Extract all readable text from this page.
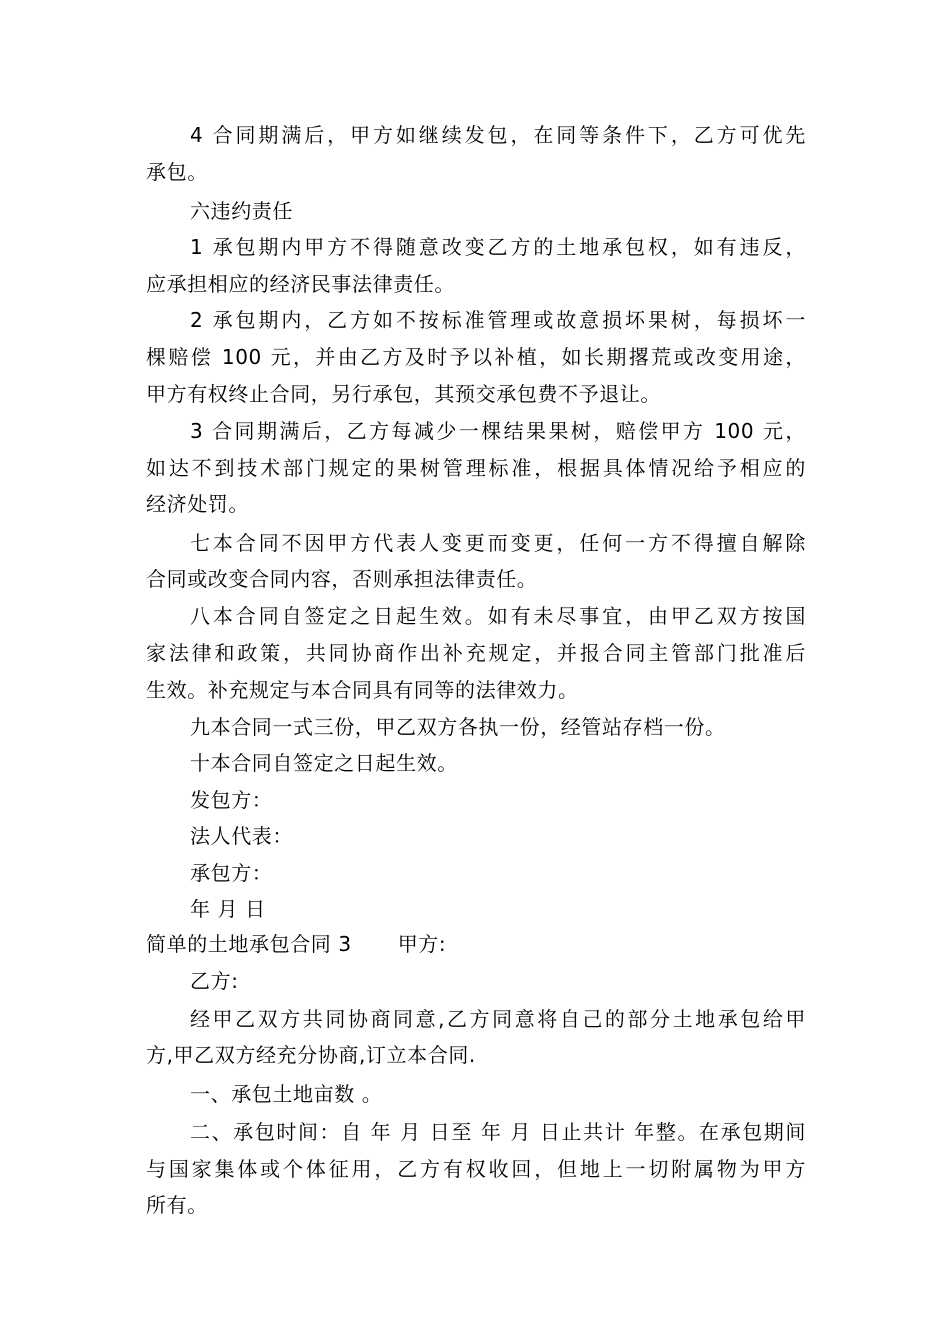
4 合同期满后，甲方如继续发包，在同等条件下，乙方可优先
承包。
六违约责任
1 承包期内甲方不得随意改变乙方的土地承包权，如有违反，
应承担相应的经济民事法律责任。
2 承包期内，乙方如不按标准管理或故意损坏果树，每损坏一
棵赔偿 100 元，并由乙方及时予以补植，如长期撂荒或改变用途，
甲方有权终止合同，另行承包，其预交承包费不予退让。
3 合同期满后，乙方每减少一棵结果果树，赔偿甲方 100 元，
如达不到技术部门规定的果树管理标准，根据具体情况给予相应的
经济处罚。
七本合同不因甲方代表人变更而变更，任何一方不得擅自解除
合同或改变合同内容，否则承担法律责任。
八本合同自签定之日起生效。如有未尽事宜，由甲乙双方按国
家法律和政策，共同协商作出补充规定，并报合同主管部门批准后
生效。补充规定与本合同具有同等的法律效力。
九本合同一式三份，甲乙双方各执一份，经管站存档一份。
十本合同自签定之日起生效。
发包方：
法人代表：
承包方：
年 月 日
简单的土地承包合同 3 甲方:
乙方:
经甲乙双方共同协商同意,乙方同意将自己的部分土地承包给甲
方,甲乙双方经充分协商,订立本合同.
一、承包土地亩数 。
二、承包时间：自 年 月 日至 年 月 日止共计 年整。在承包期间
与国家集体或个体征用，乙方有权收回，但地上一切附属物为甲方
所有。
